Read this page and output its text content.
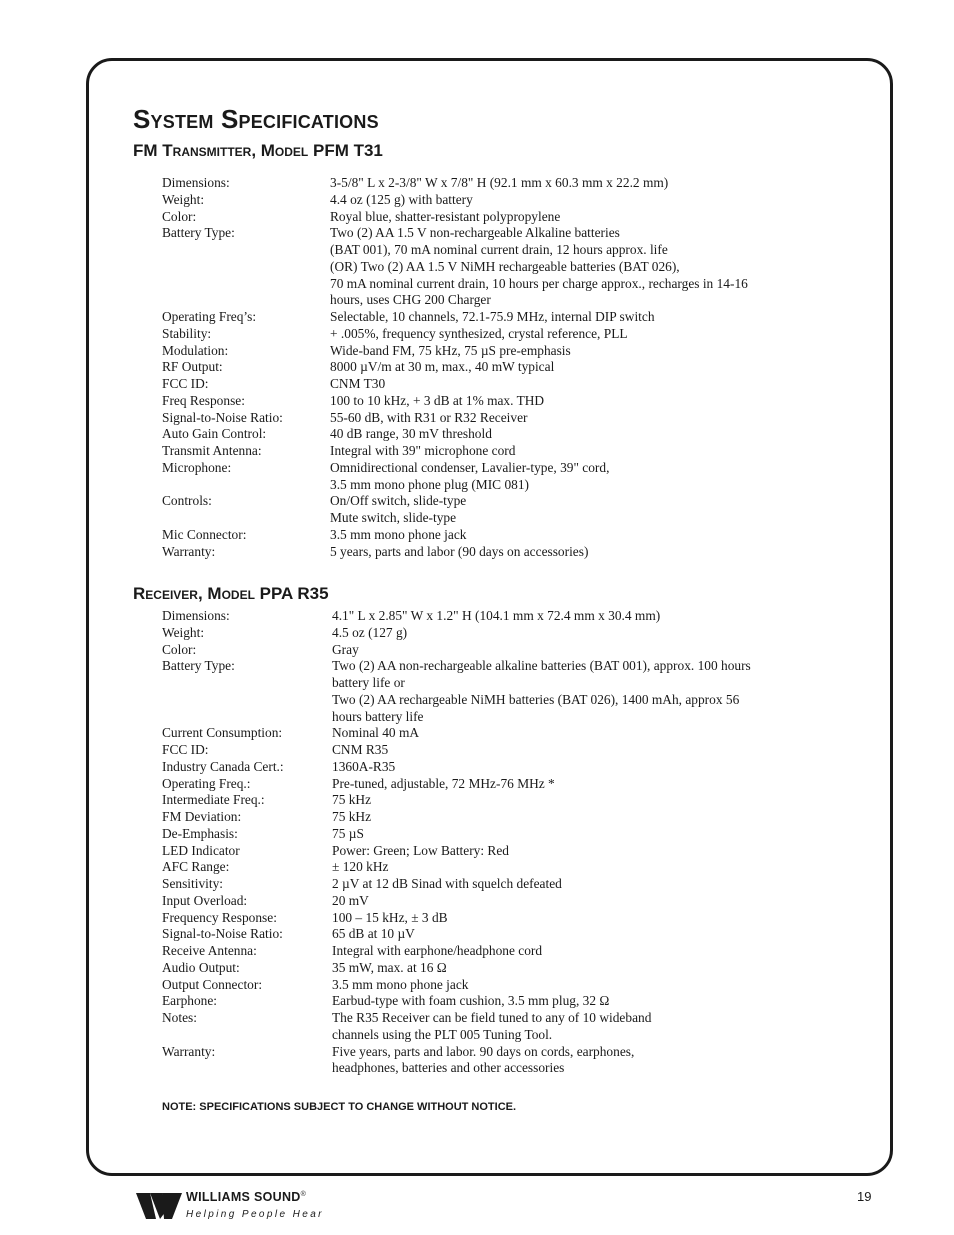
System Specifications
FM Transmitter, Model PFM T31
Dimensions:	3-5/8" L x 2-3/8" W x 7/8" H (92.1 mm x 60.3 mm x 22.2 mm)
Weight:	4.4 oz (125 g) with battery
Color:	Royal blue, shatter-resistant polypropylene
Battery Type:	Two (2) AA 1.5 V non-rechargeable Alkaline batteries
(BAT 001), 70 mA nominal current drain, 12 hours approx. life
(OR) Two (2) AA 1.5 V NiMH rechargeable batteries (BAT 026),
70 mA nominal current drain, 10 hours per charge approx., recharges in 14-16
hours, uses CHG 200 Charger
Operating Freq’s:	Selectable, 10 channels, 72.1-75.9 MHz, internal DIP switch
Stability:	+ .005%, frequency synthesized, crystal reference, PLL
Modulation:	Wide-band FM, 75 kHz, 75 µS pre-emphasis
RF Output:	8000 µV/m at 30 m, max., 40 mW typical
FCC ID:	CNM T30
Freq Response:	100 to 10 kHz, + 3 dB at 1% max. THD
Signal-to-Noise Ratio:	55-60 dB, with R31 or R32 Receiver
Auto Gain Control:	40 dB range, 30 mV threshold
Transmit Antenna:	Integral with 39" microphone cord
Microphone:	Omnidirectional condenser, Lavalier-type, 39" cord,
3.5 mm mono phone plug (MIC 081)
Controls:	On/Off switch, slide-type
Mute switch, slide-type
Mic Connector:	3.5 mm mono phone jack
Warranty:	5 years, parts and labor (90 days on accessories)
Receiver, Model PPA R35
Dimensions:	4.1" L x 2.85" W x 1.2" H (104.1 mm x 72.4 mm x 30.4 mm)
Weight:	4.5 oz (127 g)
Color:	Gray
Battery Type:	Two (2) AA non-rechargeable alkaline batteries (BAT 001), approx. 100 hours
battery life or
Two (2) AA rechargeable NiMH batteries (BAT 026), 1400 mAh, approx 56
hours battery life
Current Consumption:	Nominal 40 mA
FCC ID:	CNM R35
Industry Canada Cert.:	1360A-R35
Operating Freq.:	Pre-tuned, adjustable, 72 MHz-76 MHz *
Intermediate Freq.:	75 kHz
FM Deviation:	75 kHz
De-Emphasis:	75 µS
LED Indicator	Power: Green; Low Battery: Red
AFC Range:	± 120 kHz
Sensitivity:	2 µV at 12 dB Sinad with squelch defeated
Input Overload:	20 mV
Frequency Response:	100 – 15 kHz, ± 3 dB
Signal-to-Noise Ratio:	65 dB at 10 µV
Receive Antenna:	Integral with earphone/headphone cord
Audio Output:	35 mW, max. at 16 Ω
Output Connector:	3.5 mm mono phone jack
Earphone:	Earbud-type with foam cushion, 3.5 mm plug, 32 Ω
Notes:	The R35 Receiver can be field tuned to any of 10 wideband
channels using the PLT 005 Tuning Tool.
Warranty:	Five years, parts and labor. 90 days on cords, earphones,
headphones, batteries and other accessories
NOTE: SPECIFICATIONS SUBJECT TO CHANGE WITHOUT NOTICE.
WILLIAMS SOUND®
Helping People Hear
19
